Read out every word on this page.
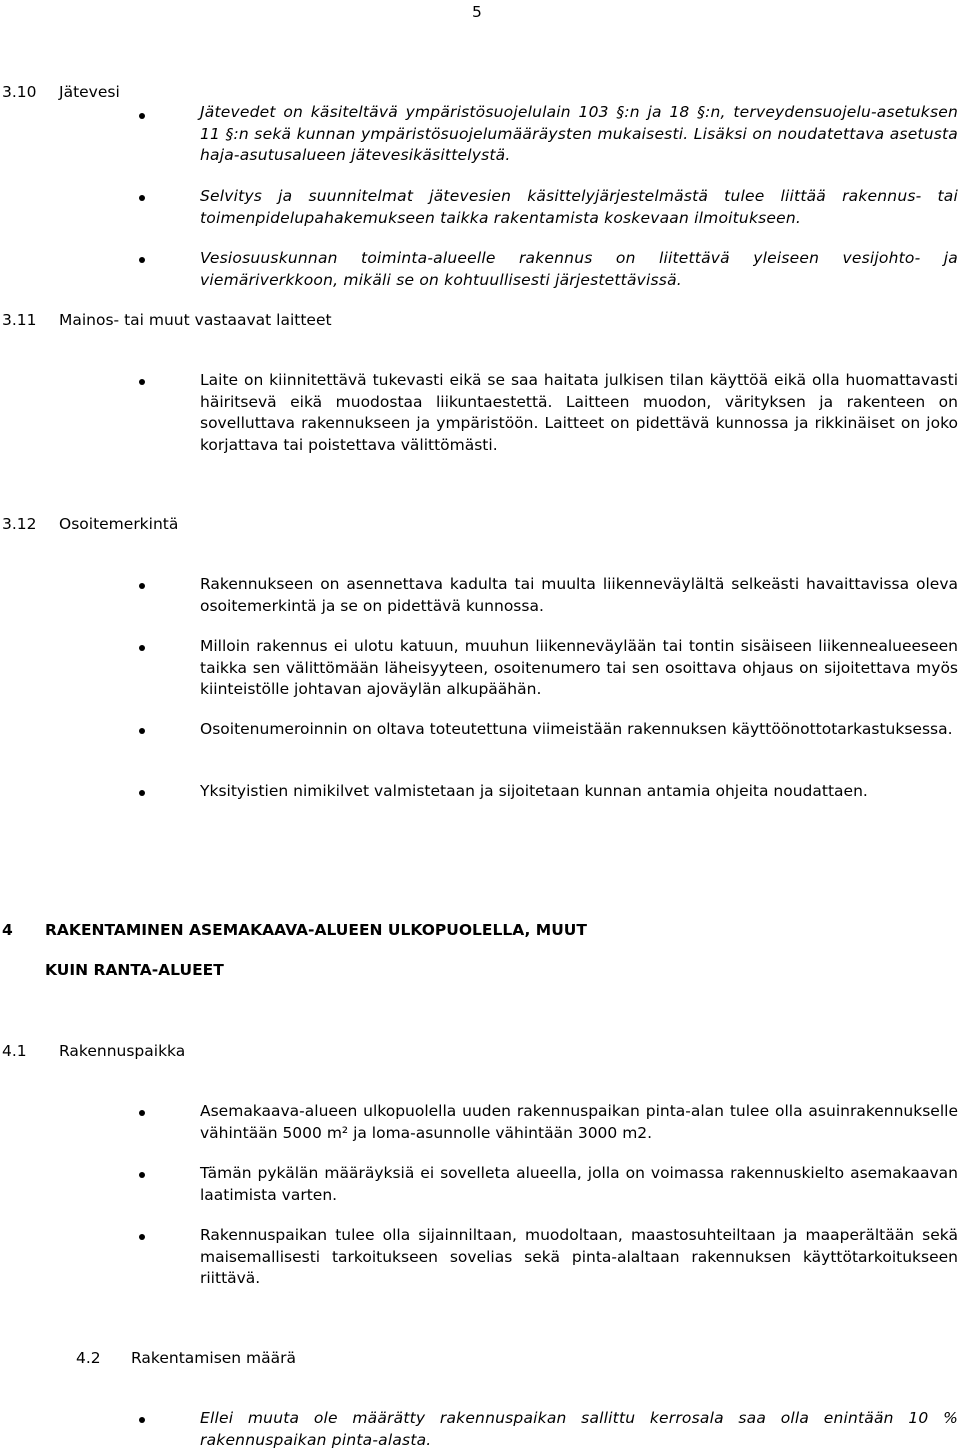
5
3.10 Jätevesi
Jätevedet on käsiteltävä ympäristösuojelulain 103 §:n ja 18 §:n, terveydensuojelu-asetuksen 11 §:n sekä kunnan ympäristösuojelumääräysten mukaisesti. Lisäksi on noudatettava asetusta haja-asutusalueen jätevesikäsittelystä.
Selvitys ja suunnitelmat jätevesien käsittelyjärjestelmästä tulee liittää rakennus- tai toimenpidelupahakemukseen taikka rakentamista koskevaan ilmoitukseen.
Vesiosuuskunnan toiminta-alueelle rakennus on liitettävä yleiseen vesijohto- ja viemäriverkkoon, mikäli se on kohtuullisesti järjestettävissä.
3.11 Mainos- tai muut vastaavat laitteet
Laite on kiinnitettävä tukevasti eikä se saa haitata julkisen tilan käyttöä eikä olla huomattavasti häiritsevä eikä muodostaa liikuntaestettä. Laitteen muodon, värityksen ja rakenteen on sovelluttava rakennukseen ja ympäristöön. Laitteet on pidettävä kunnossa ja rikkinäiset on joko korjattava tai poistettava välittömästi.
3.12 Osoitemerkintä
Rakennukseen on asennettava kadulta tai muulta liikenneväylältä selkeästi havaittavissa oleva osoitemerkintä ja se on pidettävä kunnossa.
Milloin rakennus ei ulotu katuun, muuhun liikenneväylään tai tontin sisäiseen liikennealueeseen taikka sen välittömään läheisyyteen, osoitenumero tai sen osoittava ohjaus on sijoitettava myös kiinteistölle johtavan ajoväylän alkupäähän.
Osoitenumeroinnin on oltava toteutettuna viimeistään rakennuksen käyttöönottotarkastuksessa.
Yksityistien nimikilvet valmistetaan ja sijoitetaan kunnan antamia ohjeita noudattaen.
4 RAKENTAMINEN ASEMAKAAVA-ALUEEN ULKOPUOLELLA, MUUT
KUIN RANTA-ALUEET
4.1 Rakennuspaikka
Asemakaava-alueen ulkopuolella uuden rakennuspaikan pinta-alan tulee olla asuinrakennukselle vähintään 5000 m² ja loma-asunnolle vähintään 3000 m2.
Tämän pykälän määräyksiä ei sovelleta alueella, jolla on voimassa rakennuskielto asemakaavan laatimista varten.
Rakennuspaikan tulee olla sijainniltaan, muodoltaan, maastosuhteiltaan ja maaperältään sekä maisemallisesti tarkoitukseen sovelias sekä pinta-alaltaan rakennuksen käyttötarkoitukseen riittävä.
4.2 Rakentamisen määrä
Ellei muuta ole määrätty rakennuspaikan sallittu kerrosala saa olla enintään 10 % rakennuspaikan pinta-alasta.
